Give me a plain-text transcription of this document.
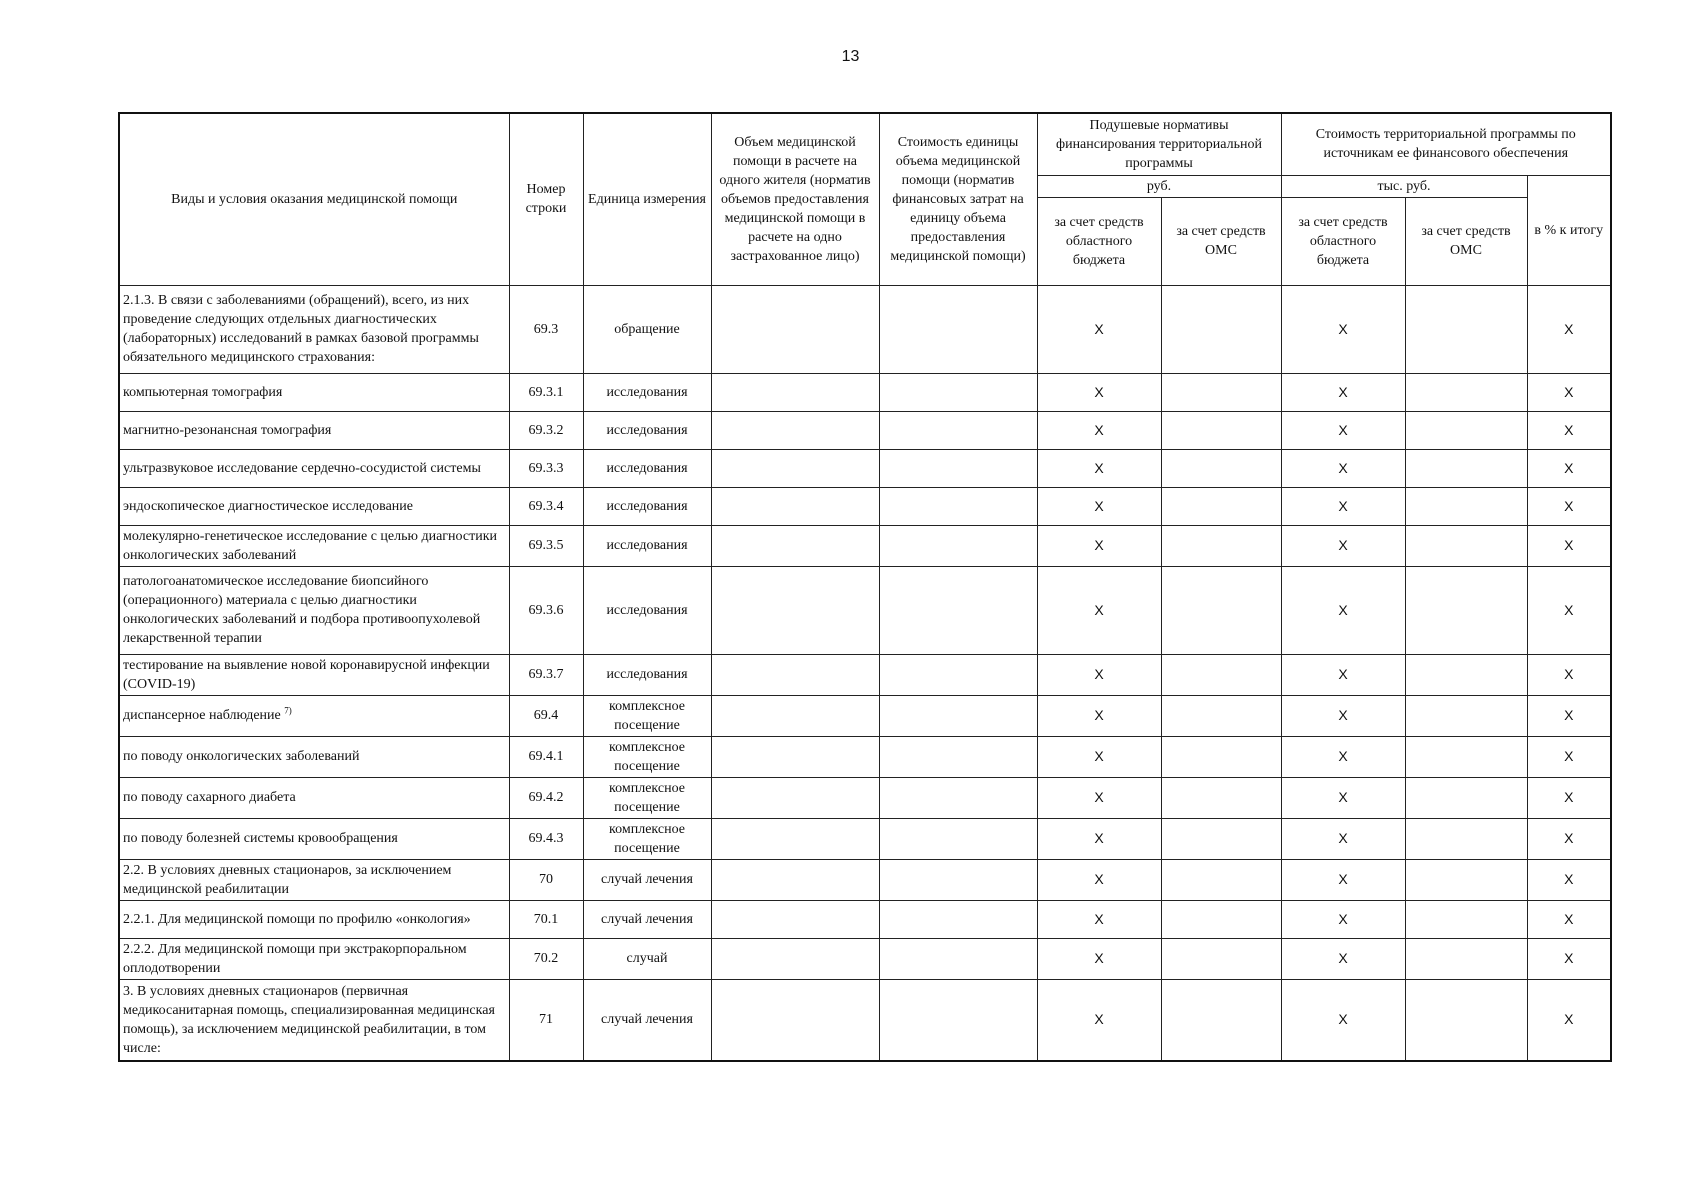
13
Виды и условия оказания медицинской помощи	Номер строки	Единица измерения	Объем медицинской помощи в расчете на одного жителя (норматив объемов предоставления медицинской помощи в расчете на одно застрахованное лицо)	Стоимость единицы объема медицинской помощи (норматив финансовых затрат на единицу объема предоставления медицинской помощи)	Подушевые нормативы финансирования территориальной программы		Стоимость территориальной программы по источникам ее финансового обеспечения		
					руб.		тыс. руб.		в % к итогу
					за счет средств областного бюджета	за счет средств ОМС	за счет средств областного бюджета	за счет средств ОМС	
2.1.3. В связи с заболеваниями (обращений), всего, из них проведение следующих отдельных диагностических (лабораторных) исследований в рамках базовой программы обязательного медицинского страхования:	69.3	обращение			X		X		X
компьютерная томография	69.3.1	исследования			X		X		X
магнитно-резонансная томография	69.3.2	исследования			X		X		X
ультразвуковое исследование сердечно-сосудистой системы	69.3.3	исследования			X		X		X
эндоскопическое диагностическое исследование	69.3.4	исследования			X		X		X
молекулярно-генетическое исследование с целью диагностики онкологических заболеваний	69.3.5	исследования			X		X		X
патологоанатомическое исследование биопсийного (операционного) материала с целью диагностики онкологических заболеваний и подбора противоопухолевой лекарственной терапии	69.3.6	исследования			X		X		X
тестирование на выявление новой коронавирусной инфекции (COVID-19)	69.3.7	исследования			X		X		X
диспансерное наблюдение $^{7)}$	69.4	комплексное посещение			X		X		X
по поводу онкологических заболеваний	69.4.1	комплексное посещение			X		X		X
по поводу сахарного диабета	69.4.2	комплексное посещение			X		X		X
по поводу болезней системы кровообращения	69.4.3	комплексное посещение			X		X		X
2.2. В условиях дневных стационаров, за исключением медицинской реабилитации	70	случай лечения			X		X		X
2.2.1. Для медицинской помощи по профилю «онкология»	70.1	случай лечения			X		X		X
2.2.2. Для медицинской помощи при экстракорпоральном оплодотворении	70.2	случай			X		X		X
3. В условиях дневных стационаров (первичная медикосанитарная помощь, специализированная медицинская помощь), за исключением медицинской реабилитации, в том числе:	71	случай лечения			X		X		X
